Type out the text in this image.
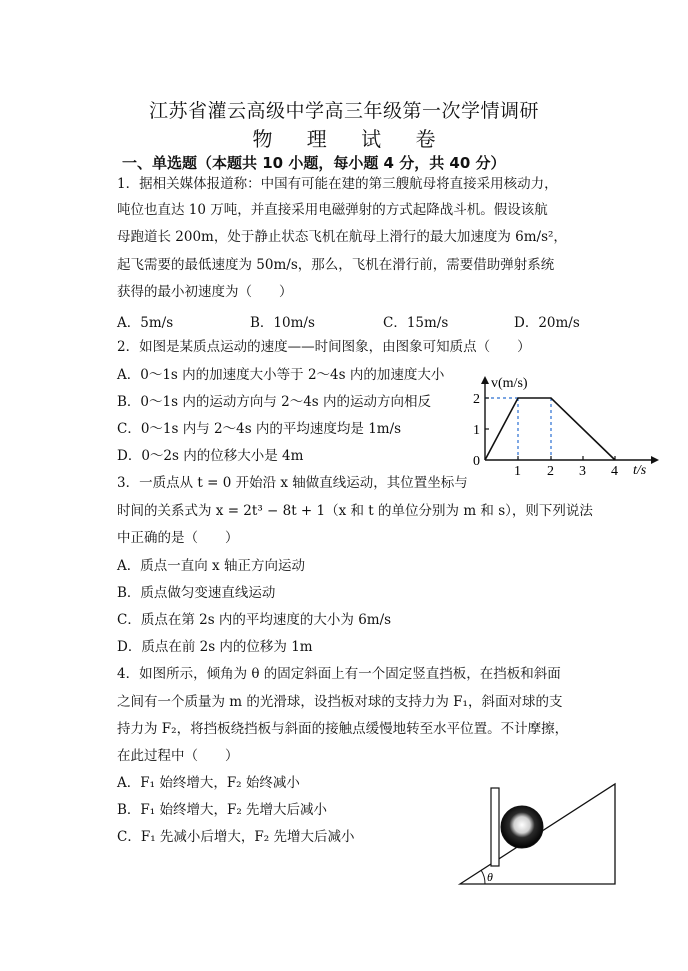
江苏省灌云高级中学高三年级第一次学情调研
物 理 试 卷
一、单选题（本题共 10 小题，每小题 4 分，共 40 分）
1．据相关媒体报道称：中国有可能在建的第三艘航母将直接采用核动力，
吨位也直达 10 万吨，并直接采用电磁弹射的方式起降战斗机。假设该航
母跑道长 200m，处于静止状态飞机在航母上滑行的最大加速度为 6m/s²，
起飞需要的最低速度为 50m/s，那么，飞机在滑行前，需要借助弹射系统
获得的最小初速度为（　　）
A．5m/s	B．10m/s	C．15m/s	D．20m/s
2．如图是某质点运动的速度——时间图象，由图象可知质点（　　）
A．0～1s 内的加速度大小等于 2～4s 内的加速度大小
B．0～1s 内的运动方向与 2～4s 内的运动方向相反
C．0～1s 内与 2～4s 内的平均速度均是 1m/s
D．0～2s 内的位移大小是 4m
v(m/s)
t/s
2
1
0
1 2 3 4
3．一质点从 t = 0 开始沿 x 轴做直线运动，其位置坐标与
时间的关系式为 x = 2t³ − 8t + 1（x 和 t 的单位分别为 m 和 s），则下列说法
中正确的是（　　）
A．质点一直向 x 轴正方向运动
B．质点做匀变速直线运动
C．质点在第 2s 内的平均速度的大小为 6m/s
D．质点在前 2s 内的位移为 1m
4．如图所示，倾角为 θ 的固定斜面上有一个固定竖直挡板，在挡板和斜面
之间有一个质量为 m 的光滑球，设挡板对球的支持力为 F₁，斜面对球的支
持力为 F₂，将挡板绕挡板与斜面的接触点缓慢地转至水平位置。不计摩擦，
在此过程中（　　）
A．F₁ 始终增大，F₂ 始终减小
B．F₁ 始终增大，F₂ 先增大后减小
C．F₁ 先减小后增大，F₂ 先增大后减小
θ
